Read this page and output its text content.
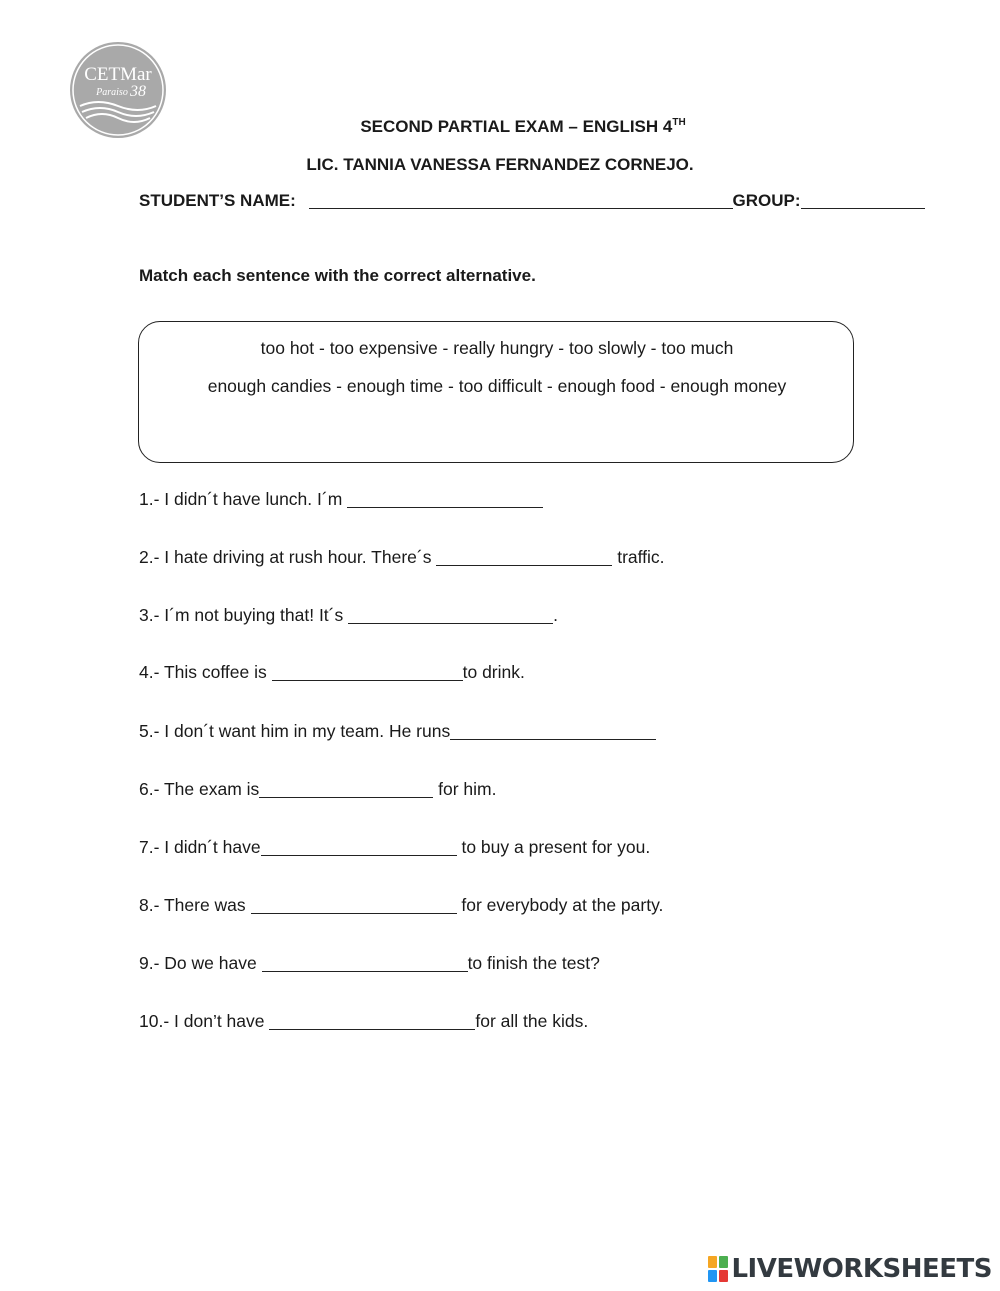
CETMar
Paraiso 38
SECOND PARTIAL EXAM – ENGLISH 4TH
LIC. TANNIA VANESSA FERNANDEZ CORNEJO.
STUDENT’S NAME:	GROUP:
Match each sentence with the correct alternative.
too hot - too expensive - really hungry - too slowly - too much
enough candies - enough time - too difficult - enough food - enough money
1.- I didn´t have lunch. I´m
2.- I hate driving at rush hour. There´s	traffic.
3.- I´m not buying that! It´s	.
4.- This coffee is	to drink.
5.- I don´t want him in my team. He runs
6.- The exam is	for him.
7.- I didn´t have	to buy a present for you.
8.- There was	for everybody at the party.
9.- Do we have	to finish the test?
10.- I don’t have	for all the kids.
LIVEWORKSHEETS
